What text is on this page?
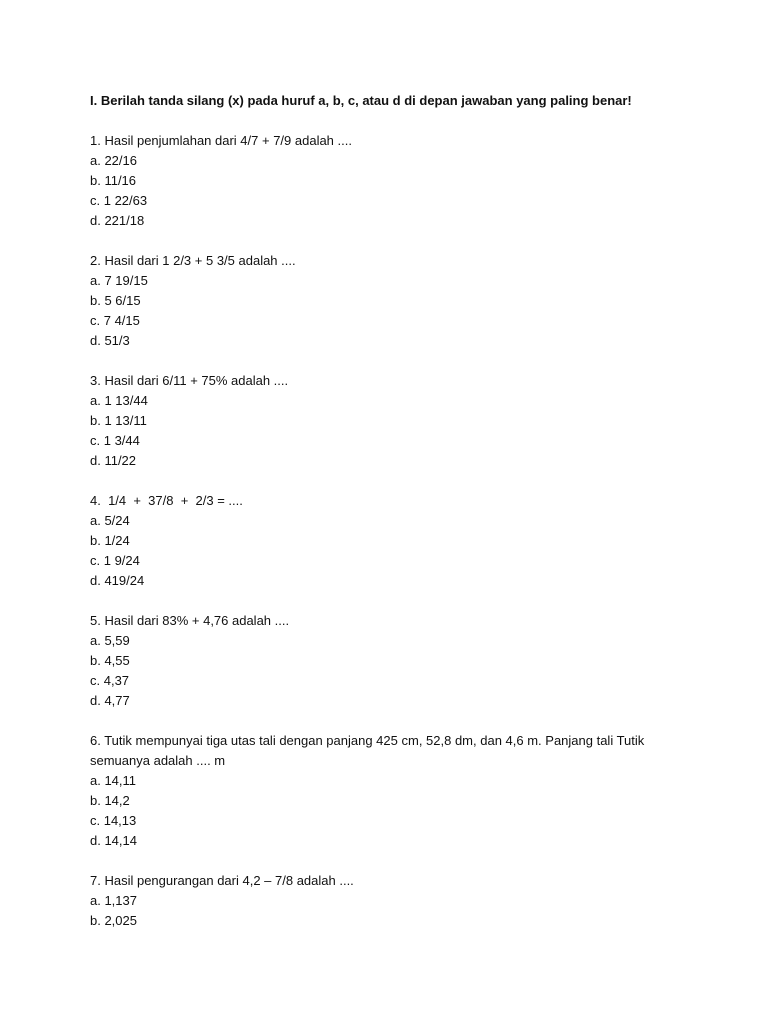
I. Berilah tanda silang (x) pada huruf a, b, c, atau d di depan jawaban yang paling benar!

1. Hasil penjumlahan dari 4/7 + 7/9 adalah ....

a. 22/16

b. 11/16

c. 1 22/63

d. 221/18

2. Hasil dari 1 2/3 + 5 3/5 adalah ....

a. 7 19/15

b. 5 6/15

c. 7 4/15

d. 51/3

3. Hasil dari 6/11 + 75% adalah ....

a. 1 13/44

b. 1 13/11

c. 1 3/44

d. 11/22

4.  1/4  +  37/8  +  2/3 = ....

a. 5/24

b. 1/24

c. 1 9/24

d. 419/24

5. Hasil dari 83% + 4,76 adalah ....

a. 5,59

b. 4,55

c. 4,37

d. 4,77

6. Tutik mempunyai tiga utas tali dengan panjang 425 cm, 52,8 dm, dan 4,6 m. Panjang tali Tutik

semuanya adalah .... m

a. 14,11

b. 14,2

c. 14,13

d. 14,14

7. Hasil pengurangan dari 4,2 – 7/8 adalah ....

a. 1,137

b. 2,025
